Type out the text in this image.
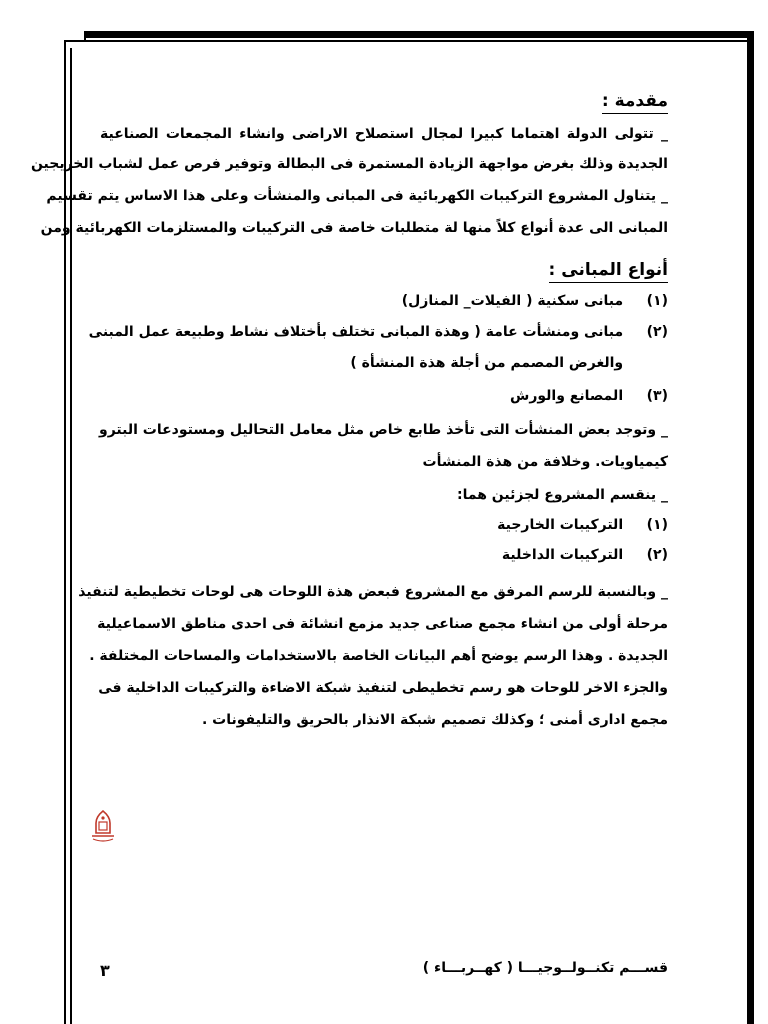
مقدمة :
_ تتولى الدولة اهتماما كبيرا لمجال استصلاح الاراضى وانشاء المجمعات الصناعية
الجديدة وذلك بغرض مواجهة الزيادة المستمرة فى البطالة وتوفير فرص عمل لشباب الخريجين
_ يتناول المشروع التركيبات الكهربائية فى المبانى والمنشأت وعلى هذا الاساس يتم تقسيم
المبانى الى عدة أنواع كلاً منها لة متطلبات خاصة فى التركيبات والمستلزمات الكهربائية ومن
أنواع المبانى :
(١) مبانى سكنية ( الفيلات_ المنازل)
(٢) مبانى ومنشأت عامة ( وهذة المبانى تختلف بأختلاف نشاط وطبيعة عمل المبنى
والغرض المصمم من أجلة هذة المنشأة )
(٣) المصانع والورش
_ وتوجد بعض المنشأت التى تأخذ طابع خاص مثل معامل التحاليل ومستودعات البترو
كيمياويات. وخلافة من هذة المنشأت
_ ينقسم المشروع لجزئين هما:
(١) التركيبات الخارجية
(٢) التركيبات الداخلية
_ وبالنسبة للرسم المرفق مع المشروع فبعض هذة اللوحات هى لوحات تخطيطية لتنفيذ
مرحلة أولى من انشاء مجمع صناعى جديد مزمع انشائة فى احدى مناطق الاسماعيلية
الجديدة . وهذا الرسم يوضح أهم البيانات الخاصة بالاستخدامات والمساحات المختلفة .
والجزء الاخر للوحات هو رسم تخطيطى لتنفيذ شبكة الاضاءة والتركيبات الداخلية فى
مجمع ادارى أمنى ؛ وكذلك تصميم شبكة الانذار بالحريق والتليفونات .
٣	قســـم تكنــولــوجيـــا ( كهــربـــاء )
